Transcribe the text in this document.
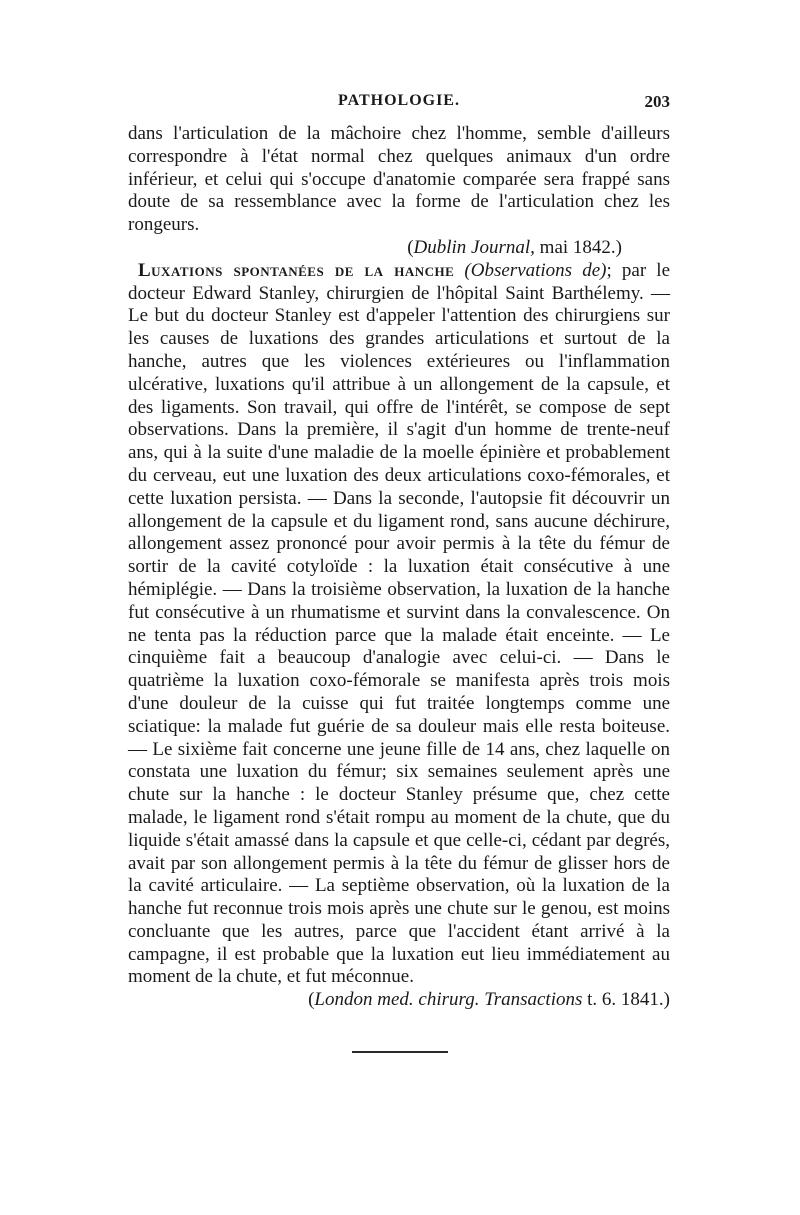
PATHOLOGIE.	203

dans l'articulation de la mâchoire chez l'homme, semble d'ailleurs correspondre à l'état normal chez quelques animaux d'un ordre inférieur, et celui qui s'occupe d'anatomie comparée sera frappé sans doute de sa ressemblance avec la forme de l'articulation chez les rongeurs.

(Dublin Journal, mai 1842.)

Luxations spontanées de la hanche (Observations de); par le docteur Edward Stanley, chirurgien de l'hôpital Saint Barthélemy. — Le but du docteur Stanley est d'appeler l'attention des chirurgiens sur les causes de luxations des grandes articulations et surtout de la hanche, autres que les violences extérieures ou l'inflammation ulcérative, luxations qu'il attribue à un allongement de la capsule, et des ligaments. Son travail, qui offre de l'intérêt, se compose de sept observations. Dans la première, il s'agit d'un homme de trente-neuf ans, qui à la suite d'une maladie de la moelle épinière et probablement du cerveau, eut une luxation des deux articulations coxo-fémorales, et cette luxation persista. — Dans la seconde, l'autopsie fit découvrir un allongement de la capsule et du ligament rond, sans aucune déchirure, allongement assez prononcé pour avoir permis à la tête du fémur de sortir de la cavité cotyloïde : la luxation était consécutive à une hémiplégie. — Dans la troisième observation, la luxation de la hanche fut consécutive à un rhumatisme et survint dans la convalescence. On ne tenta pas la réduction parce que la malade était enceinte. — Le cinquième fait a beaucoup d'analogie avec celui-ci. — Dans le quatrième la luxation coxo-fémorale se manifesta après trois mois d'une douleur de la cuisse qui fut traitée longtemps comme une sciatique: la malade fut guérie de sa douleur mais elle resta boiteuse. — Le sixième fait concerne une jeune fille de 14 ans, chez laquelle on constata une luxation du fémur; six semaines seulement après une chute sur la hanche : le docteur Stanley présume que, chez cette malade, le ligament rond s'était rompu au moment de la chute, que du liquide s'était amassé dans la capsule et que celle-ci, cédant par degrés, avait par son allongement permis à la tête du fémur de glisser hors de la cavité articulaire. — La septième observation, où la luxation de la hanche fut reconnue trois mois après une chute sur le genou, est moins concluante que les autres, parce que l'accident étant arrivé à la campagne, il est probable que la luxation eut lieu immédiatement au moment de la chute, et fut méconnue.

(London med. chirurg. Transactions t. 6. 1841.)
